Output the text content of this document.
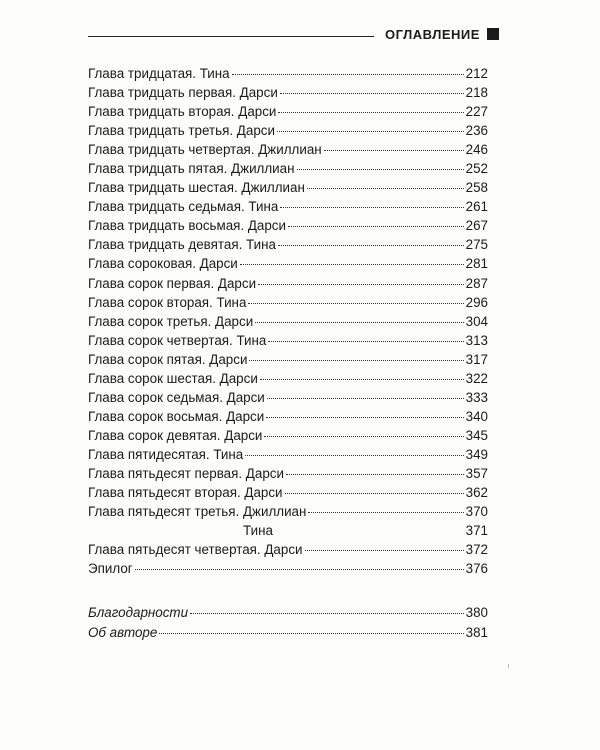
ОГЛАВЛЕНИЕ
Глава тридцатая. Тина	212
Глава тридцать первая. Дарси	218
Глава тридцать вторая. Дарси	227
Глава тридцать третья. Дарси	236
Глава тридцать четвертая. Джиллиан	246
Глава тридцать пятая. Джиллиан	252
Глава тридцать шестая. Джиллиан	258
Глава тридцать седьмая. Тина	261
Глава тридцать восьмая. Дарси	267
Глава тридцать девятая. Тина	275
Глава сороковая. Дарси	281
Глава сорок первая. Дарси	287
Глава сорок вторая. Тина	296
Глава сорок третья. Дарси	304
Глава сорок четвертая. Тина	313
Глава сорок пятая. Дарси	317
Глава сорок шестая. Дарси	322
Глава сорок седьмая. Дарси	333
Глава сорок восьмая. Дарси	340
Глава сорок девятая. Дарси	345
Глава пятидесятая. Тина	349
Глава пятьдесят первая. Дарси	357
Глава пятьдесят вторая. Дарси	362
Глава пятьдесят третья. Джиллиан	370
Тина	371
Глава пятьдесят четвертая. Дарси	372
Эпилог	376
Благодарности	380
Об авторе	381
